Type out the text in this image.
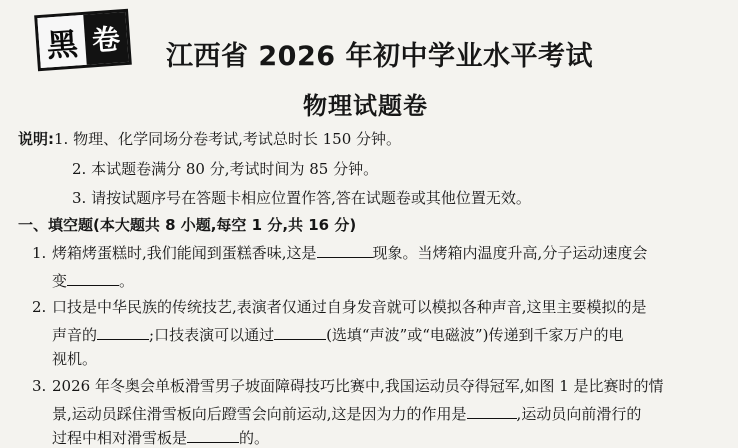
黑 卷 江西省 2026 年初中学业水平考试
物理试题卷
说明:1. 物理、化学同场分卷考试,考试总时长 150 分钟。
2. 本试题卷满分 80 分,考试时间为 85 分钟。
3. 请按试题序号在答题卡相应位置作答,答在试题卷或其他位置无效。
一、填空题(本大题共 8 小题,每空 1 分,共 16 分)
1. 烤箱烤蛋糕时,我们能闻到蛋糕香味,这是	现象。当烤箱内温度升高,分子运动速度会
变	。
2. 口技是中华民族的传统技艺,表演者仅通过自身发音就可以模拟各种声音,这里主要模拟的是
声音的	;口技表演可以通过	(选填“声波”或“电磁波”)传递到千家万户的电
视机。
3. 2026 年冬奥会单板滑雪男子坡面障碍技巧比赛中,我国运动员夺得冠军,如图 1 是比赛时的情
景,运动员踩住滑雪板向后蹬雪会向前运动,这是因为力的作用是	,运动员向前滑行的
过程中相对滑雪板是	的。
